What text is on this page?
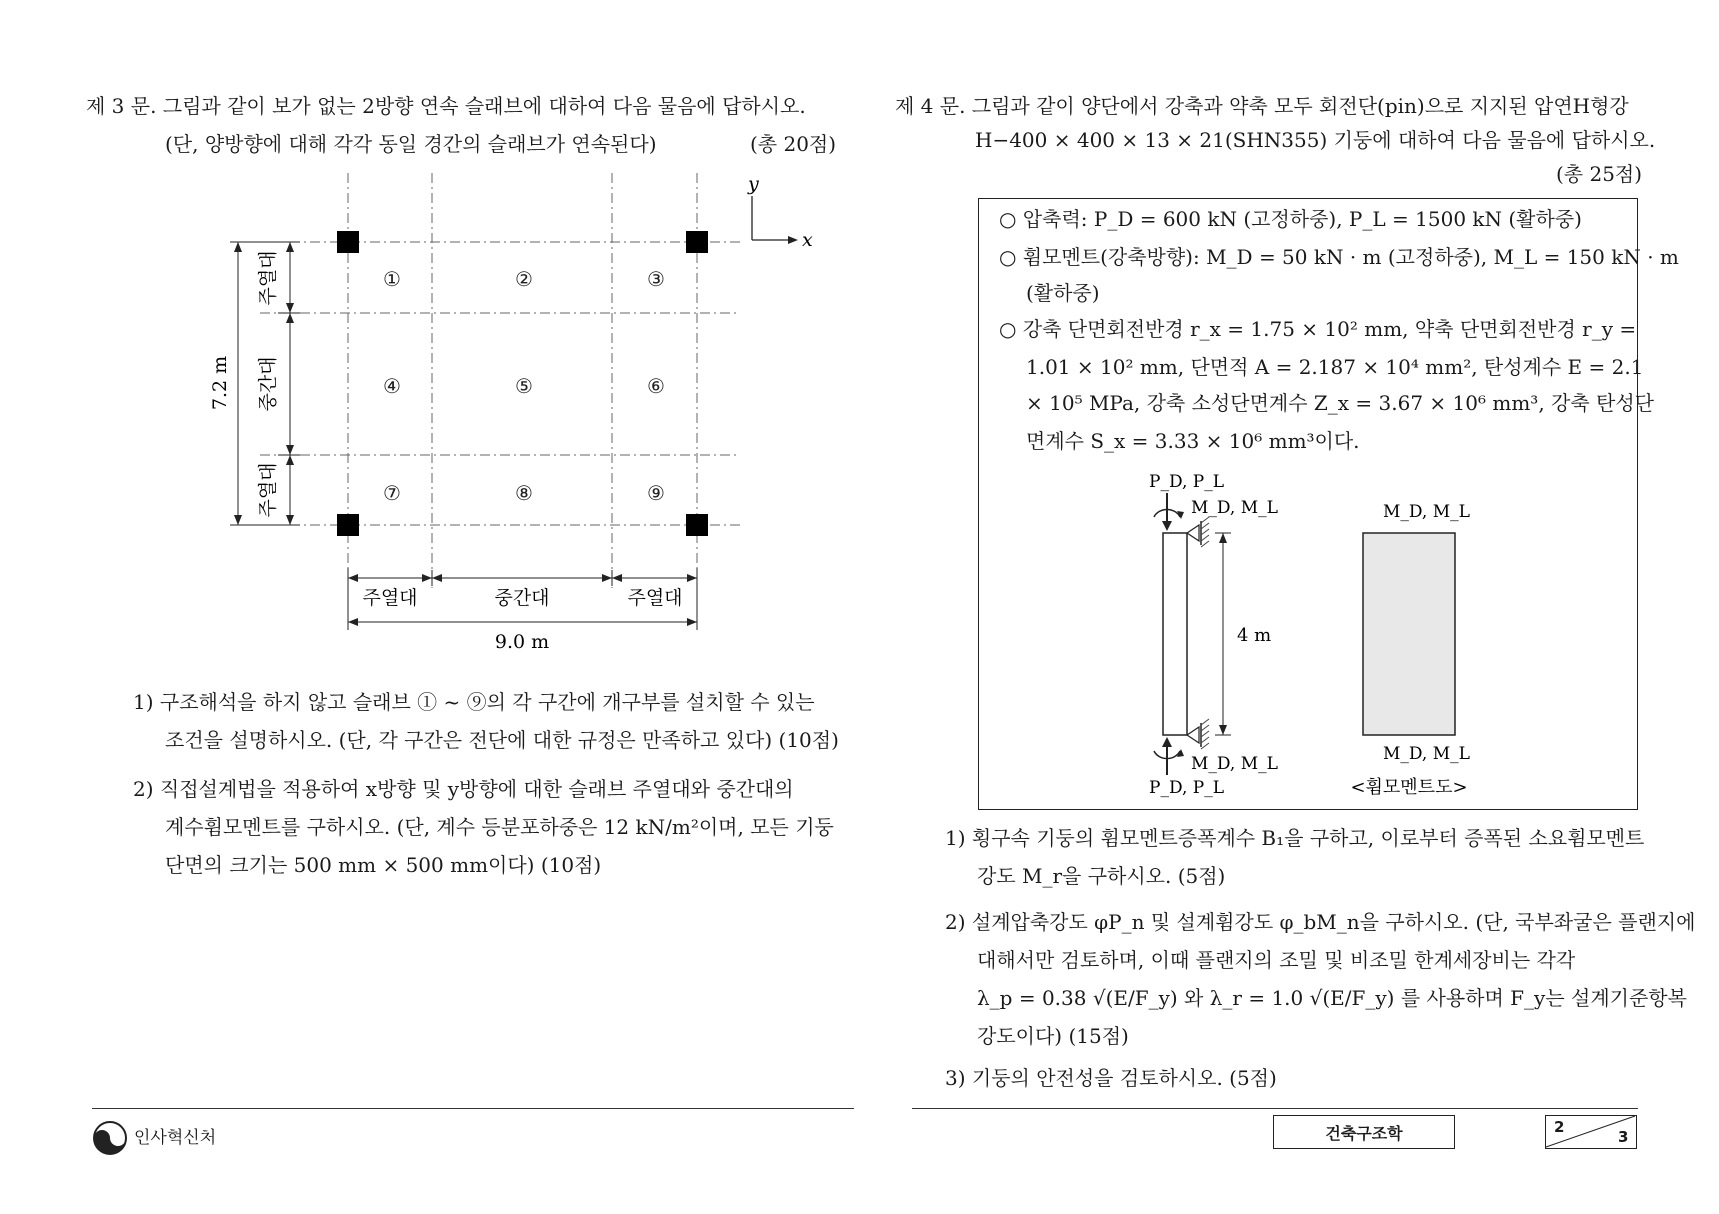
제 3 문. 그림과 같이 보가 없는 2방향 연속 슬래브에 대하여 다음 물음에 답하시오.
(단, 양방향에 대해 각각 동일 경간의 슬래브가 연속된다)	(총 20점)
①	②	③
④	⑤	⑥
⑦	⑧	⑨
y
x
7.2 m
주열대
중간대
주열대
주열대	중간대	주열대
9.0 m
1) 구조해석을 하지 않고 슬래브 ① ~ ⑨의 각 구간에 개구부를 설치할 수 있는
조건을 설명하시오. (단, 각 구간은 전단에 대한 규정은 만족하고 있다) (10점)
2) 직접설계법을 적용하여 x방향 및 y방향에 대한 슬래브 주열대와 중간대의
계수휨모멘트를 구하시오. (단, 계수 등분포하중은 12 kN/m²이며, 모든 기둥
단면의 크기는 500 mm × 500 mm이다) (10점)
제 4 문. 그림과 같이 양단에서 강축과 약축 모두 회전단(pin)으로 지지된 압연H형강
H−400 × 400 × 13 × 21(SHN355) 기둥에 대하여 다음 물음에 답하시오.
(총 25점)
○ 압축력: P_D = 600 kN (고정하중), P_L = 1500 kN (활하중)
○ 휨모멘트(강축방향): M_D = 50 kN · m (고정하중), M_L = 150 kN · m
(활하중)
○ 강축 단면회전반경 r_x = 1.75 × 10² mm, 약축 단면회전반경 r_y =
1.01 × 10² mm, 단면적 A = 2.187 × 10⁴ mm², 탄성계수 E = 2.1
× 10⁵ MPa, 강축 소성단면계수 Z_x = 3.67 × 10⁶ mm³, 강축 탄성단
면계수 S_x = 3.33 × 10⁶ mm³이다.
P_D, P_L
M_D, M_L
4 m
M_D, M_L
P_D, P_L
M_D, M_L
M_D, M_L
<휨모멘트도>
1) 횡구속 기둥의 휨모멘트증폭계수 B₁을 구하고, 이로부터 증폭된 소요휨모멘트
강도 M_r을 구하시오. (5점)
2) 설계압축강도 φP_n 및 설계휨강도 φ_bM_n을 구하시오. (단, 국부좌굴은 플랜지에
대해서만 검토하며, 이때 플랜지의 조밀 및 비조밀 한계세장비는 각각
λ_p = 0.38 √(E/F_y) 와 λ_r = 1.0 √(E/F_y) 를 사용하며 F_y는 설계기준항복
강도이다) (15점)
3) 기둥의 안전성을 검토하시오. (5점)
인사혁신처	건축구조학	2
3
